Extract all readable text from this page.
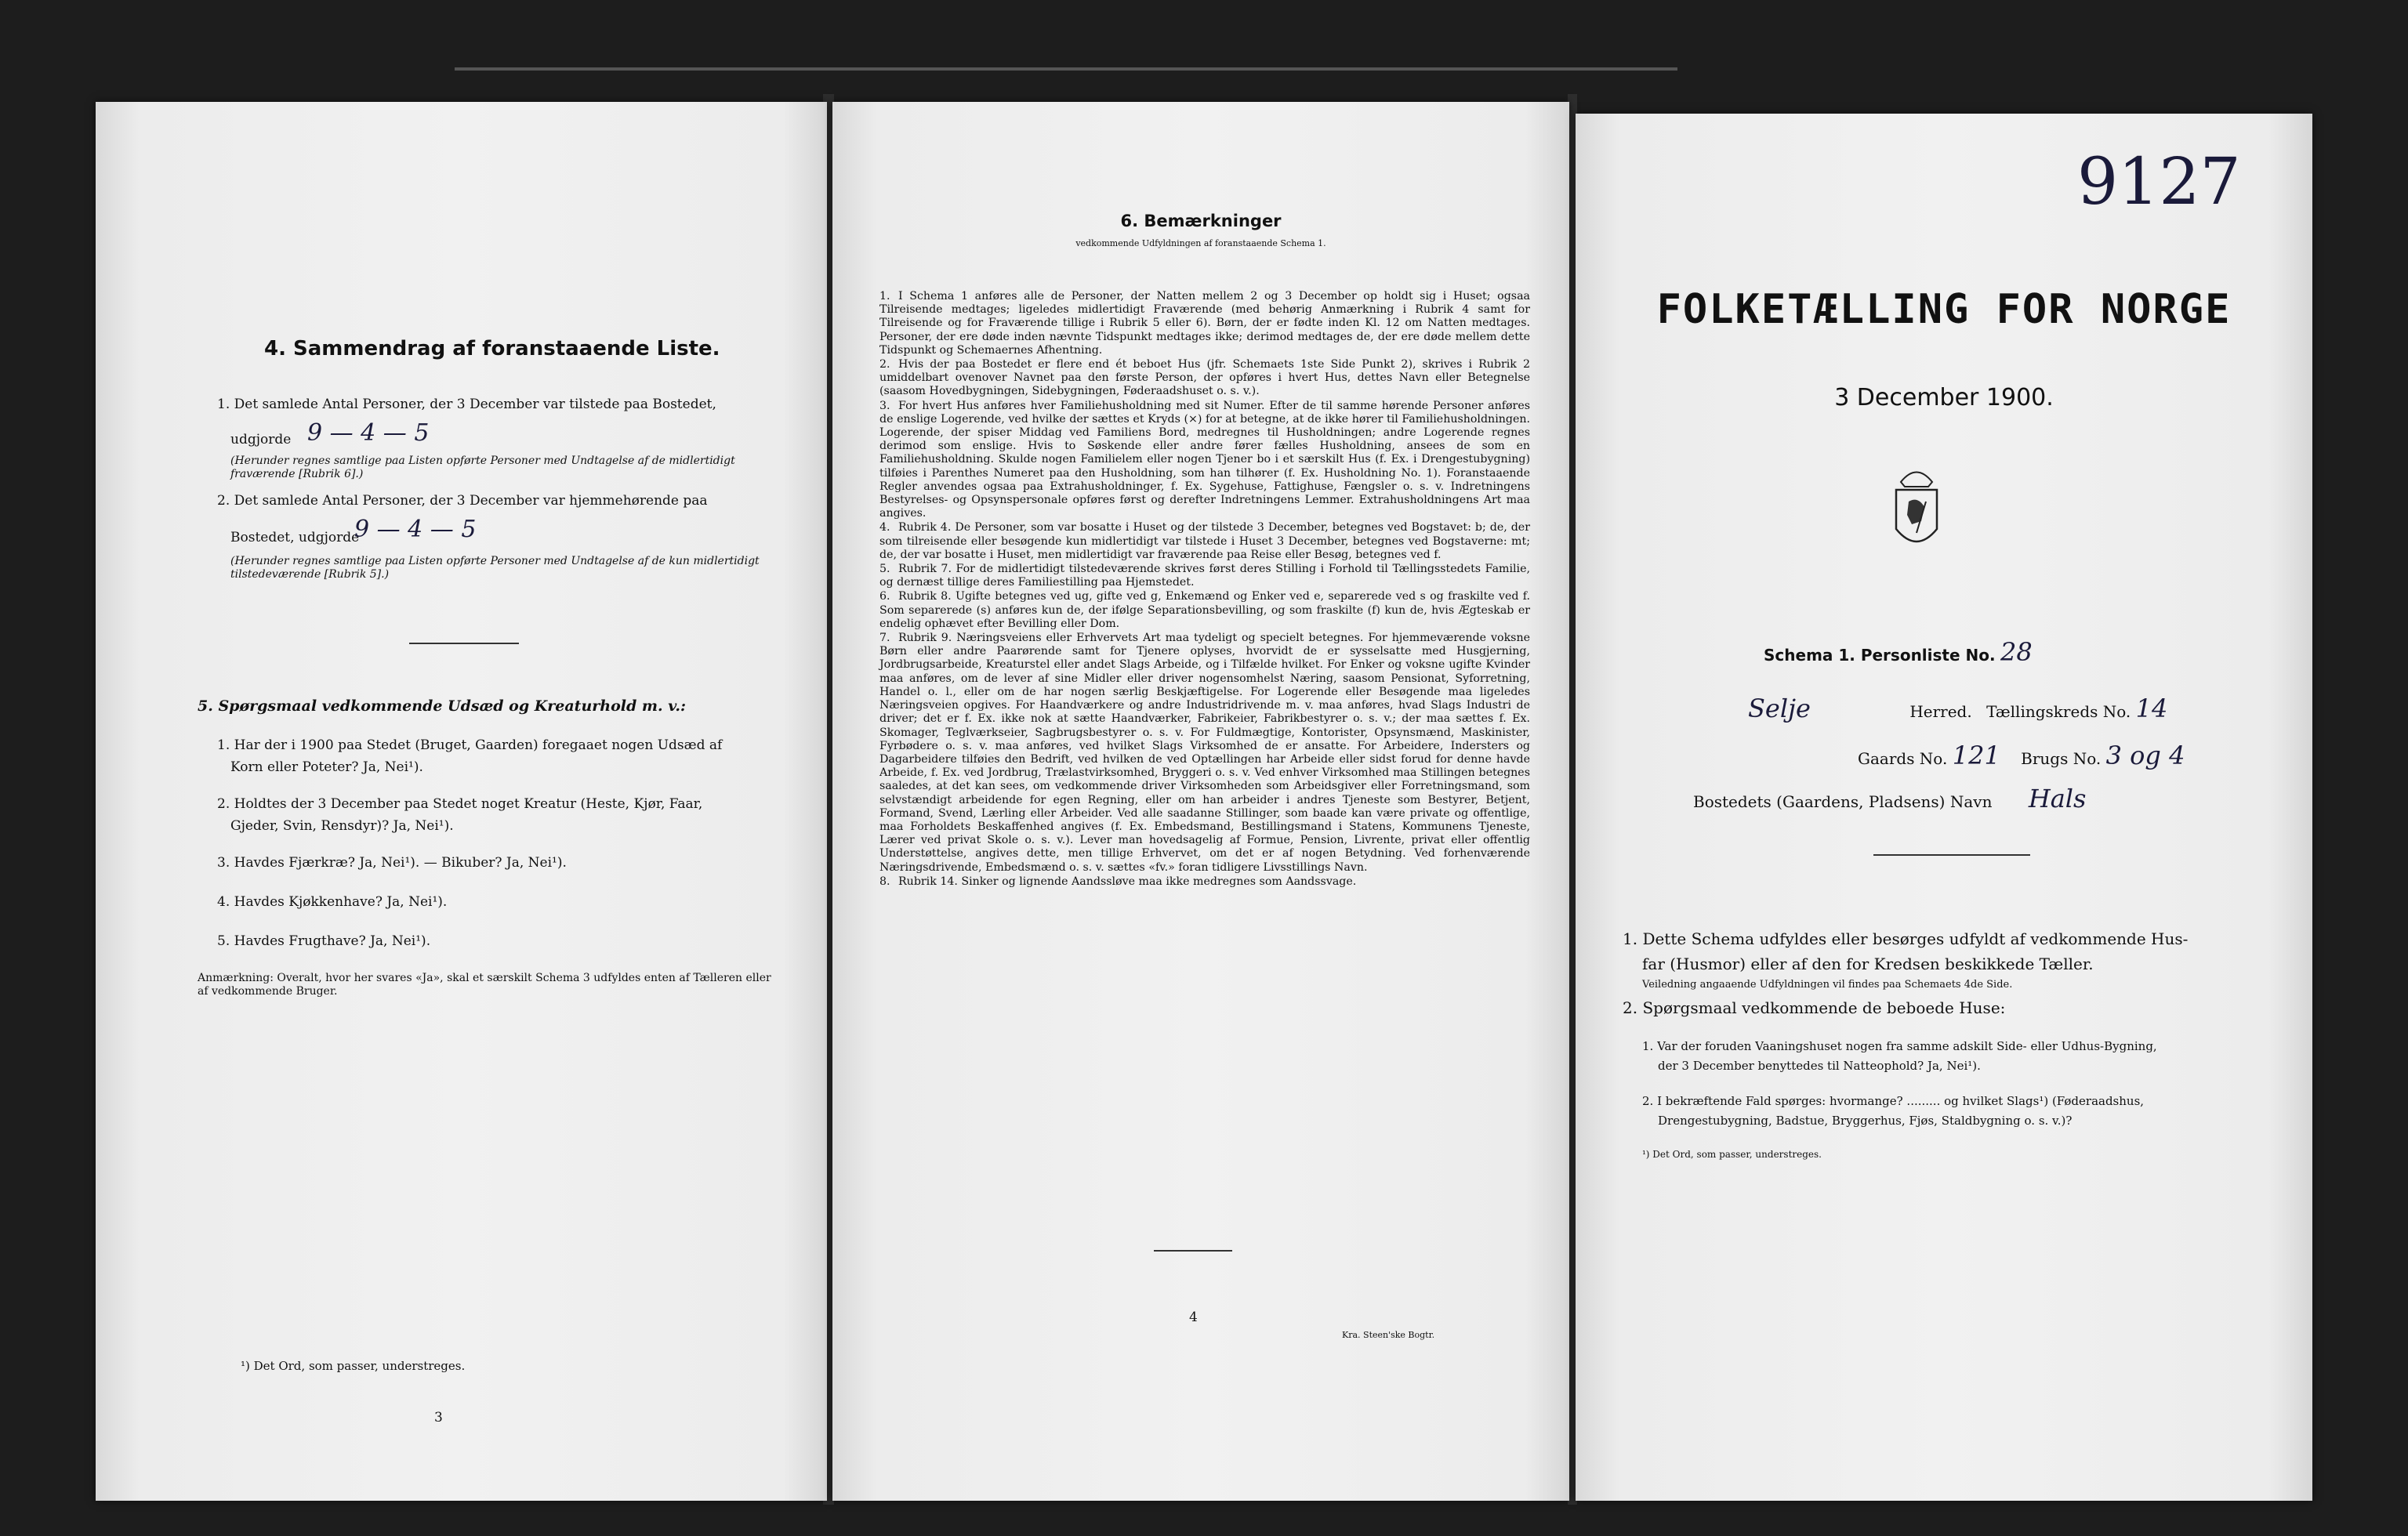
4. Sammendrag af foranstaaende Liste.
1. Det samlede Antal Personer, der 3 December var tilstede paa Bostedet,
udgjorde 9 — 4 — 5
(Herunder regnes samtlige paa Listen opførte Personer med Undtagelse af de midlertidigt fraværende [Rubrik 6].)
2. Det samlede Antal Personer, der 3 December var hjemmehørende paa
Bostedet, udgjorde
9 — 4 — 5
(Herunder regnes samtlige paa Listen opførte Personer med Undtagelse af de kun midlertidigt tilstedeværende [Rubrik 5].)
5. Spørgsmaal vedkommende Udsæd og Kreaturhold m. v.:
1. Har der i 1900 paa Stedet (Bruget, Gaarden) foregaaet nogen Udsæd af
Korn eller Poteter? Ja, Nei¹).
2. Holdtes der 3 December paa Stedet noget Kreatur (Heste, Kjør, Faar,
Gjeder, Svin, Rensdyr)? Ja, Nei¹).
3. Havdes Fjærkræ? Ja, Nei¹). — Bikuber? Ja, Nei¹).
4. Havdes Kjøkkenhave? Ja, Nei¹).
5. Havdes Frugthave? Ja, Nei¹).
Anmærkning: Overalt, hvor her svares «Ja», skal et særskilt Schema 3 udfyldes enten af Tælleren eller af vedkommende Bruger.
¹) Det Ord, som passer, understreges.
3
6. Bemærkninger
vedkommende Udfyldningen af foranstaaende Schema 1.
1. I Schema 1 anføres alle de Personer, der Natten mellem 2 og 3 December op holdt sig i Huset; ogsaa Tilreisende medtages; ligeledes midlertidigt Fraværende (med behørig Anmærkning i Rubrik 4 samt for Tilreisende og for Fraværende tillige i Rubrik 5 eller 6). Børn, der er fødte inden Kl. 12 om Natten medtages. Personer, der ere døde inden nævnte Tidspunkt medtages ikke; derimod medtages de, der ere døde mellem dette Tidspunkt og Schemaernes Afhentning.
2. Hvis der paa Bostedet er flere end ét beboet Hus (jfr. Schemaets 1ste Side Punkt 2), skrives i Rubrik 2 umiddelbart ovenover Navnet paa den første Person, der opføres i hvert Hus, dettes Navn eller Betegnelse (saasom Hovedbygningen, Sidebygningen, Føderaadshuset o. s. v.).
3. For hvert Hus anføres hver Familiehusholdning med sit Numer. Efter de til samme hørende Personer anføres de enslige Logerende, ved hvilke der sættes et Kryds (×) for at betegne, at de ikke hører til Familiehusholdningen. Logerende, der spiser Middag ved Familiens Bord, medregnes til Husholdningen; andre Logerende regnes derimod som enslige. Hvis to Søskende eller andre fører fælles Husholdning, ansees de som en Familiehusholdning. Skulde nogen Familielem eller nogen Tjener bo i et særskilt Hus (f. Ex. i Drengestubygning) tilføies i Parenthes Numeret paa den Husholdning, som han tilhører (f. Ex. Husholdning No. 1). Foranstaaende Regler anvendes ogsaa paa Extrahusholdninger, f. Ex. Sygehuse, Fattighuse, Fængsler o. s. v. Indretningens Bestyrelses- og Opsynspersonale opføres først og derefter Indretningens Lemmer. Extrahusholdningens Art maa angives.
4. Rubrik 4. De Personer, som var bosatte i Huset og der tilstede 3 December, betegnes ved Bogstavet: b; de, der som tilreisende eller besøgende kun midlertidigt var tilstede i Huset 3 December, betegnes ved Bogstaverne: mt; de, der var bosatte i Huset, men midlertidigt var fraværende paa Reise eller Besøg, betegnes ved f.
5. Rubrik 7. For de midlertidigt tilstedeværende skrives først deres Stilling i Forhold til Tællingsstedets Familie, og dernæst tillige deres Familiestilling paa Hjemstedet.
6. Rubrik 8. Ugifte betegnes ved ug, gifte ved g, Enkemænd og Enker ved e, separerede ved s og fraskilte ved f. Som separerede (s) anføres kun de, der ifølge Separationsbevilling, og som fraskilte (f) kun de, hvis Ægteskab er endelig ophævet efter Bevilling eller Dom.
7. Rubrik 9. Næringsveiens eller Erhvervets Art maa tydeligt og specielt betegnes. For hjemmeværende voksne Børn eller andre Paarørende samt for Tjenere oplyses, hvorvidt de er sysselsatte med Husgjerning, Jordbrugsarbeide, Kreaturstel eller andet Slags Arbeide, og i Tilfælde hvilket. For Enker og voksne ugifte Kvinder maa anføres, om de lever af sine Midler eller driver nogensomhelst Næring, saasom Pensionat, Syforretning, Handel o. l., eller om de har nogen særlig Beskjæftigelse. For Logerende eller Besøgende maa ligeledes Næringsveien opgives. For Haandværkere og andre Industridrivende m. v. maa anføres, hvad Slags Industri de driver; det er f. Ex. ikke nok at sætte Haandværker, Fabrikeier, Fabrikbestyrer o. s. v.; der maa sættes f. Ex. Skomager, Teglværkseier, Sagbrugsbestyrer o. s. v. For Fuldmægtige, Kontorister, Opsynsmænd, Maskinister, Fyrbødere o. s. v. maa anføres, ved hvilket Slags Virksomhed de er ansatte. For Arbeidere, Indersters og Dagarbeidere tilføies den Bedrift, ved hvilken de ved Optællingen har Arbeide eller sidst forud for denne havde Arbeide, f. Ex. ved Jordbrug, Trælastvirksomhed, Bryggeri o. s. v. Ved enhver Virksomhed maa Stillingen betegnes saaledes, at det kan sees, om vedkommende driver Virksomheden som Arbeidsgiver eller Forretningsmand, som selvstændigt arbeidende for egen Regning, eller om han arbeider i andres Tjeneste som Bestyrer, Betjent, Formand, Svend, Lærling eller Arbeider. Ved alle saadanne Stillinger, som baade kan være private og offentlige, maa Forholdets Beskaffenhed angives (f. Ex. Embedsmand, Bestillingsmand i Statens, Kommunens Tjeneste, Lærer ved privat Skole o. s. v.). Lever man hovedsagelig af Formue, Pension, Livrente, privat eller offentlig Understøttelse, angives dette, men tillige Erhvervet, om det er af nogen Betydning. Ved forhenværende Næringsdrivende, Embedsmænd o. s. v. sættes «fv.» foran tidligere Livsstillings Navn.
8. Rubrik 14. Sinker og lignende Aandssløve maa ikke medregnes som Aandssvage.
4
Kra. Steen'ske Bogtr.
9127
FOLKETÆLLING FOR NORGE
3 December 1900.
Schema 1. Personliste No. 28
Selje	Herred. Tællingskreds No. 14
Gaards No. 121 Brugs No. 3 og 4
Bostedets (Gaardens, Pladsens) Navn Hals
1. Dette Schema udfyldes eller besørges udfyldt af vedkommende Hus-
far (Husmor) eller af den for Kredsen beskikkede Tæller.
Veiledning angaaende Udfyldningen vil findes paa Schemaets 4de Side.
2. Spørgsmaal vedkommende de beboede Huse:
1. Var der foruden Vaaningshuset nogen fra samme adskilt Side- eller Udhus-Bygning,
der 3 December benyttedes til Natteophold? Ja, Nei¹).
2. I bekræftende Fald spørges: hvormange? ......... og hvilket Slags¹) (Føderaadshus,
Drengestubygning, Badstue, Bryggerhus, Fjøs, Staldbygning o. s. v.)?
¹) Det Ord, som passer, understreges.
